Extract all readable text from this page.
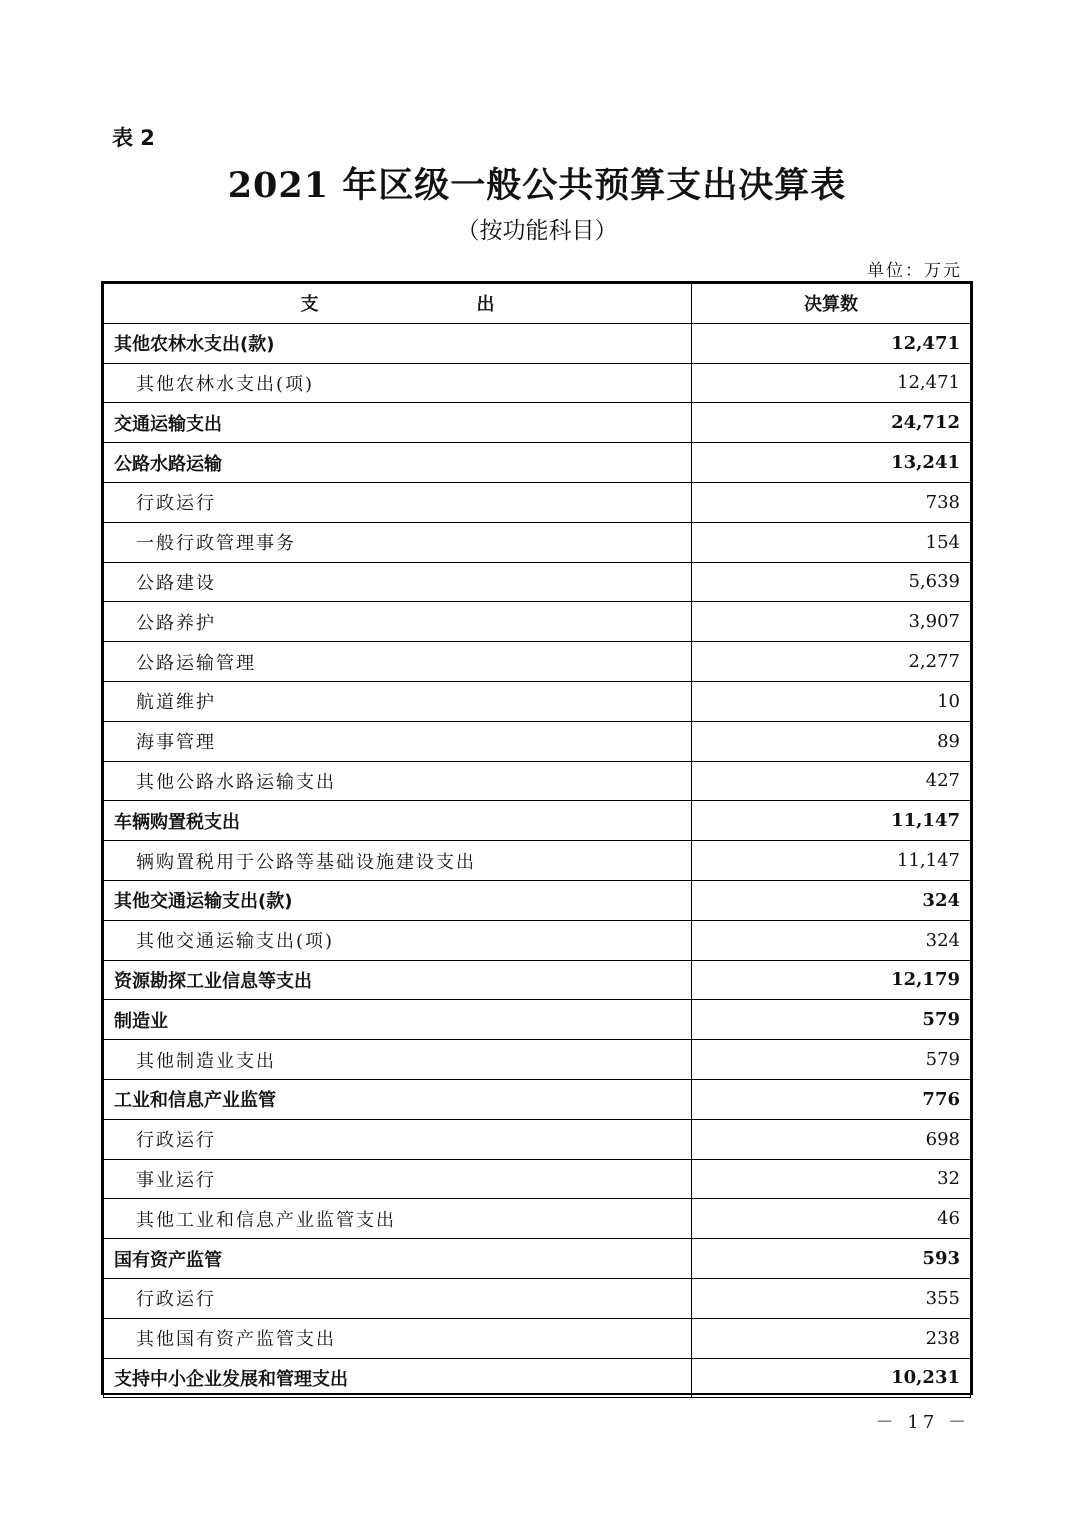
表 2
2021 年区级一般公共预算支出决算表
（按功能科目）
单位：万元
支　出	决算数
其他农林水支出(款)	12,471
其他农林水支出(项)	12,471
交通运输支出	24,712
公路水路运输	13,241
行政运行	738
一般行政管理事务	154
公路建设	5,639
公路养护	3,907
公路运输管理	2,277
航道维护	10
海事管理	89
其他公路水路运输支出	427
车辆购置税支出	11,147
辆购置税用于公路等基础设施建设支出	11,147
其他交通运输支出(款)	324
其他交通运输支出(项)	324
资源勘探工业信息等支出	12,179
制造业	579
其他制造业支出	579
工业和信息产业监管	776
行政运行	698
事业运行	32
其他工业和信息产业监管支出	46
国有资产监管	593
行政运行	355
其他国有资产监管支出	238
支持中小企业发展和管理支出	10,231
－ 17 －
